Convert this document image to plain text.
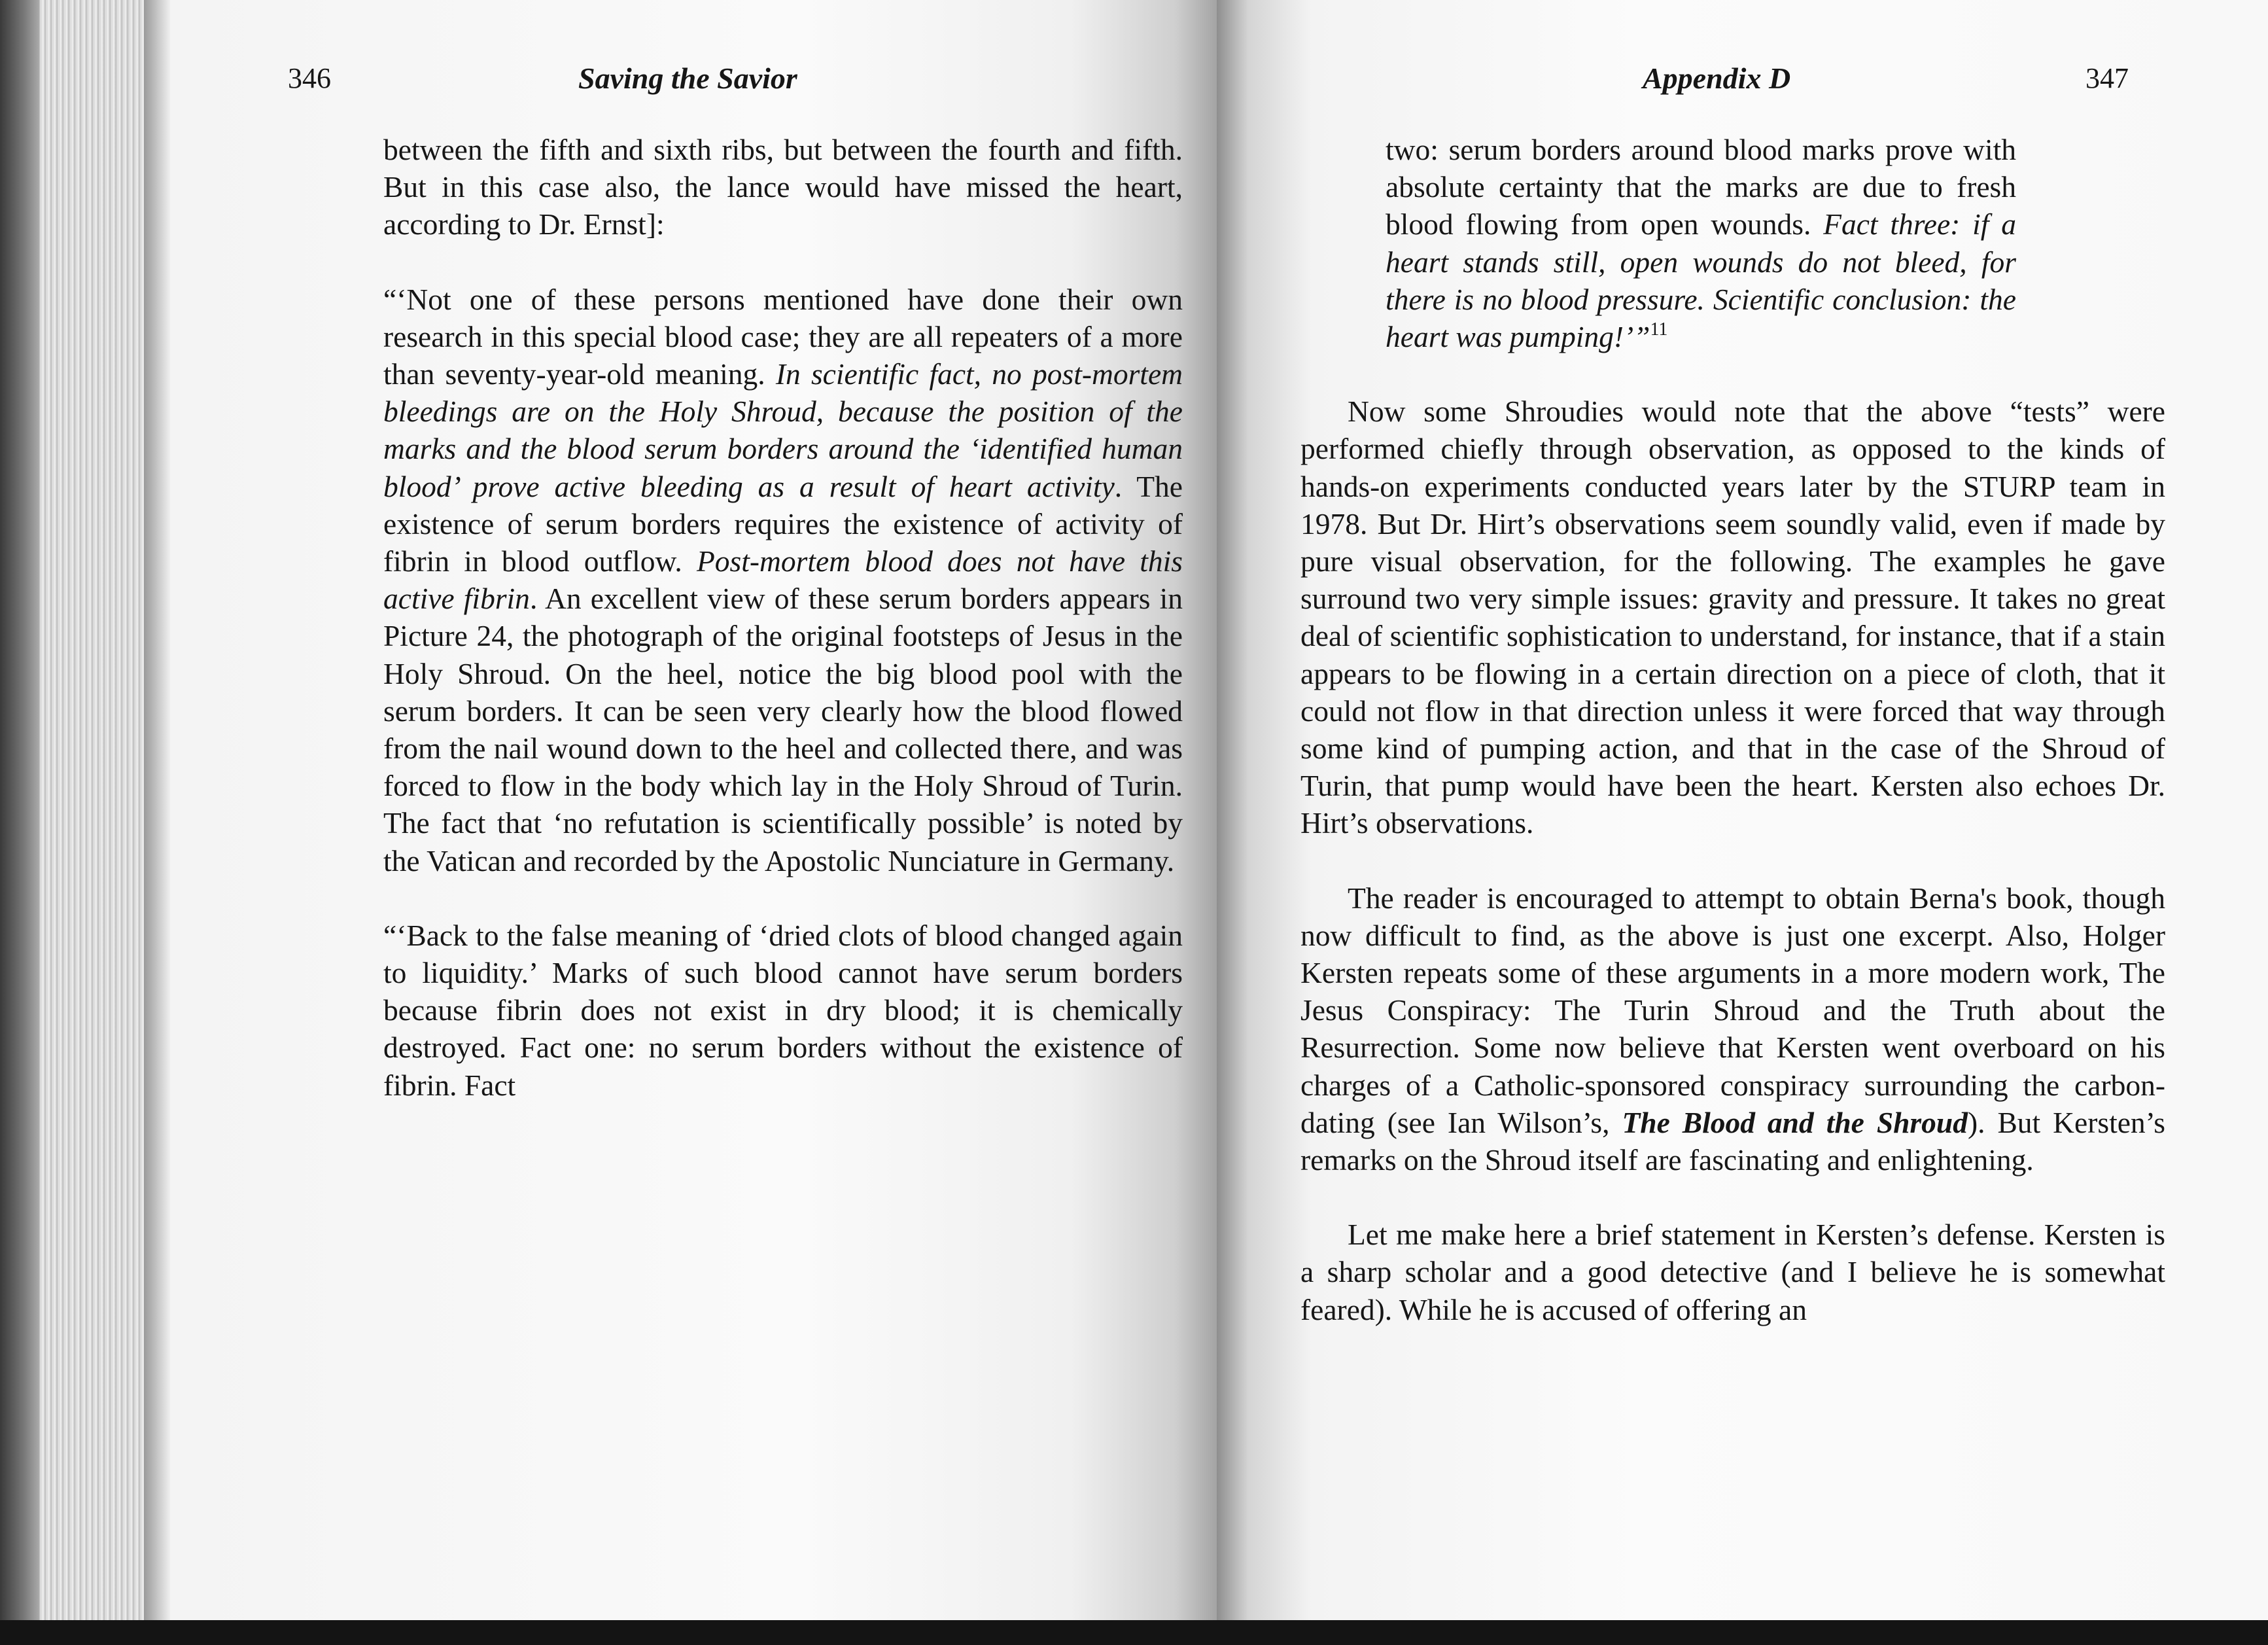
346	Saving the Savior

between the fifth and sixth ribs, but between the fourth and fifth. But in this case also, the lance would have missed the heart, according to Dr. Ernst]:

“‘Not one of these persons mentioned have done their own research in this special blood case; they are all repeaters of a more than seventy-year-old meaning. In scientific fact, no post-mortem bleedings are on the Holy Shroud, because the position of the marks and the blood serum borders around the ‘identified human blood’ prove active bleeding as a result of heart activity. The existence of serum borders requires the existence of activity of fibrin in blood outflow. Post-mortem blood does not have this active fibrin. An excellent view of these serum borders appears in Picture 24, the photograph of the original footsteps of Jesus in the Holy Shroud. On the heel, notice the big blood pool with the serum borders. It can be seen very clearly how the blood flowed from the nail wound down to the heel and collected there, and was forced to flow in the body which lay in the Holy Shroud of Turin. The fact that ‘no refutation is scientifically possible’ is noted by the Vatican and recorded by the Apostolic Nunciature in Germany.

“‘Back to the false meaning of ‘dried clots of blood changed again to liquidity.’ Marks of such blood cannot have serum borders because fibrin does not exist in dry blood; it is chemically destroyed. Fact one: no serum borders without the existence of fibrin. Fact

Appendix D	347

two: serum borders around blood marks prove with absolute certainty that the marks are due to fresh blood flowing from open wounds. Fact three: if a heart stands still, open wounds do not bleed, for there is no blood pressure. Scientific conclusion: the heart was pumping!’”$^{11}$

Now some Shroudies would note that the above “tests” were performed chiefly through observation, as opposed to the kinds of hands-on experiments conducted years later by the STURP team in 1978. But Dr. Hirt’s observations seem soundly valid, even if made by pure visual observation, for the following. The examples he gave surround two very simple issues: gravity and pressure. It takes no great deal of scientific sophistication to understand, for instance, that if a stain appears to be flowing in a certain direction on a piece of cloth, that it could not flow in that direction unless it were forced that way through some kind of pumping action, and that in the case of the Shroud of Turin, that pump would have been the heart. Kersten also echoes Dr. Hirt’s observations.

The reader is encouraged to attempt to obtain Berna's book, though now difficult to find, as the above is just one excerpt. Also, Holger Kersten repeats some of these arguments in a more modern work, The Jesus Conspiracy: The Turin Shroud and the Truth about the Resurrection. Some now believe that Kersten went overboard on his charges of a Catholic-sponsored conspiracy surrounding the carbon-dating (see Ian Wilson’s, The Blood and the Shroud). But Kersten’s remarks on the Shroud itself are fascinating and enlightening.

Let me make here a brief statement in Kersten’s defense. Kersten is a sharp scholar and a good detective (and I believe he is somewhat feared). While he is accused of offering an
